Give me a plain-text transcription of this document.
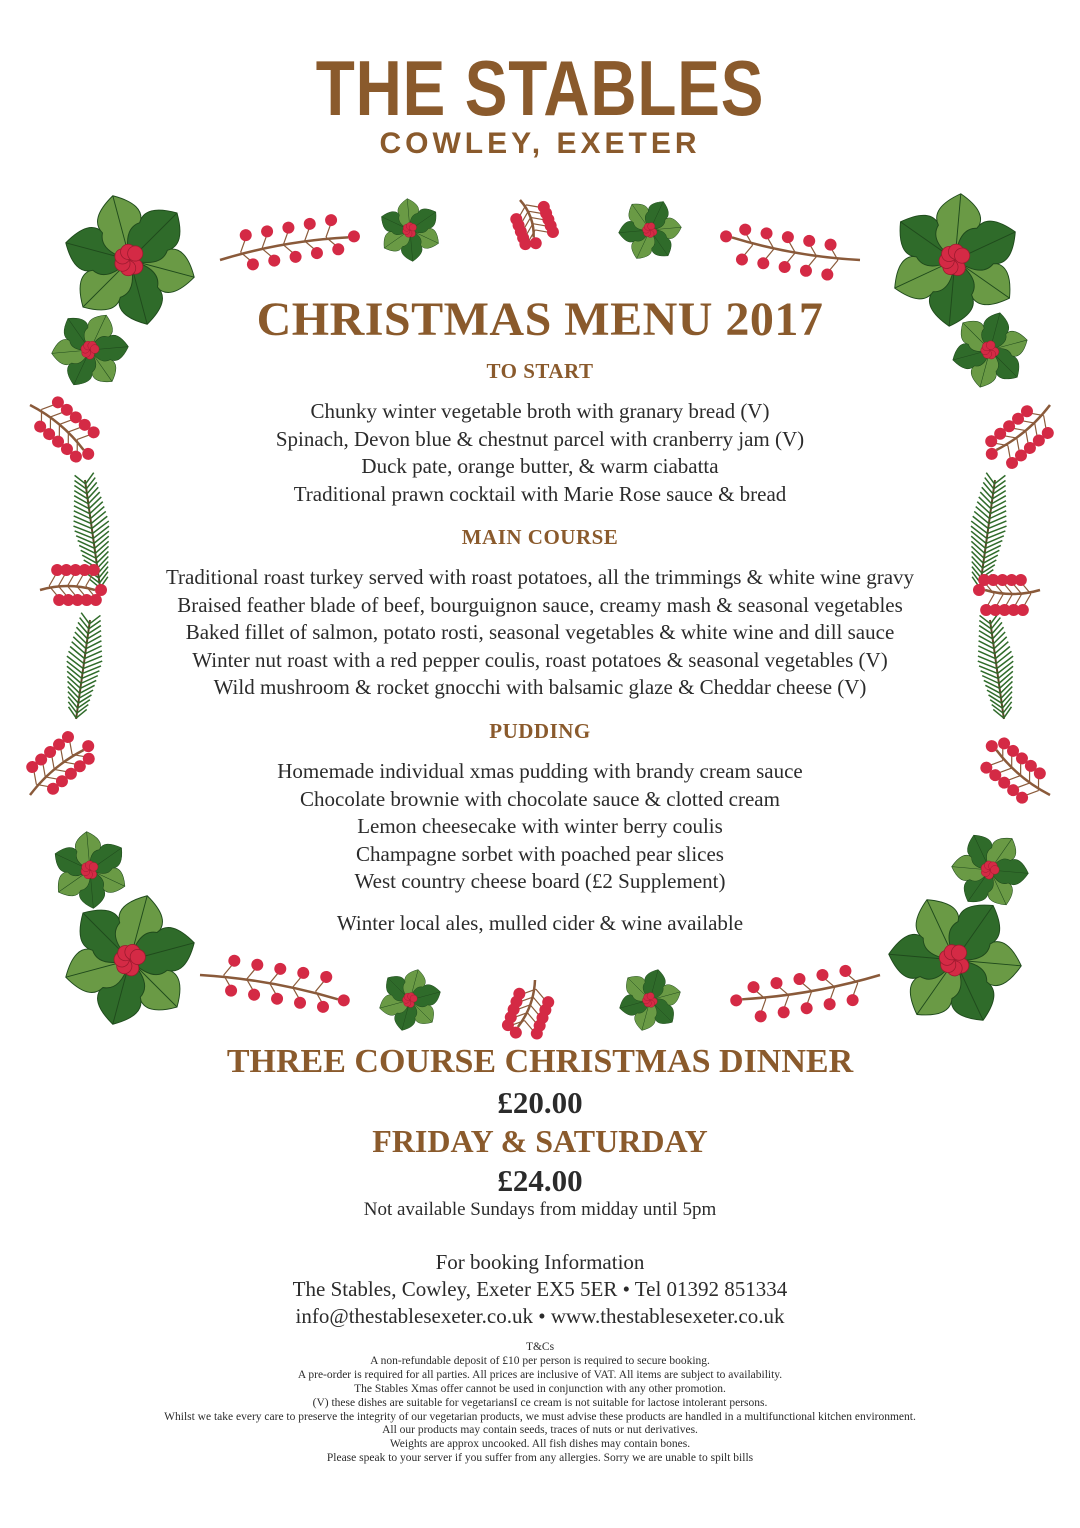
THE STABLES
COWLEY, EXETER
CHRISTMAS MENU 2017
TO START
Chunky winter vegetable broth with granary bread (V)
Spinach, Devon blue & chestnut parcel with cranberry jam (V)
Duck pate, orange butter, & warm ciabatta
Traditional prawn cocktail with Marie Rose sauce & bread
MAIN COURSE
Traditional roast turkey served with roast potatoes, all the trimmings & white wine gravy
Braised feather blade of beef, bourguignon sauce, creamy mash & seasonal vegetables
Baked fillet of salmon, potato rosti, seasonal vegetables & white wine and dill sauce
Winter nut roast with a red pepper coulis, roast potatoes & seasonal vegetables (V)
Wild mushroom & rocket gnocchi with balsamic glaze & Cheddar cheese (V)
PUDDING
Homemade individual xmas pudding with brandy cream sauce
Chocolate brownie with chocolate sauce & clotted cream
Lemon cheesecake with winter berry coulis
Champagne sorbet with poached pear slices
West country cheese board (£2 Supplement)
Winter local ales, mulled cider & wine available
THREE COURSE CHRISTMAS DINNER
£20.00
FRIDAY & SATURDAY
£24.00
Not available Sundays from midday until 5pm
For booking Information
The Stables, Cowley, Exeter EX5 5ER • Tel 01392 851334
info@thestablesexeter.co.uk • www.thestablesexeter.co.uk
T&Cs
A non-refundable deposit of £10 per person is required to secure booking.
A pre-order is required for all parties. All prices are inclusive of VAT. All items are subject to availability.
The Stables Xmas offer cannot be used in conjunction with any other promotion.
(V) these dishes are suitable for vegetariansI ce cream is not suitable for lactose intolerant persons.
Whilst we take every care to preserve the integrity of our vegetarian products, we must advise these products are handled in a multifunctional kitchen environment.
All our products may contain seeds, traces of nuts or nut derivatives.
Weights are approx uncooked. All fish dishes may contain bones.
Please speak to your server if you suffer from any allergies. Sorry we are unable to spilt bills
